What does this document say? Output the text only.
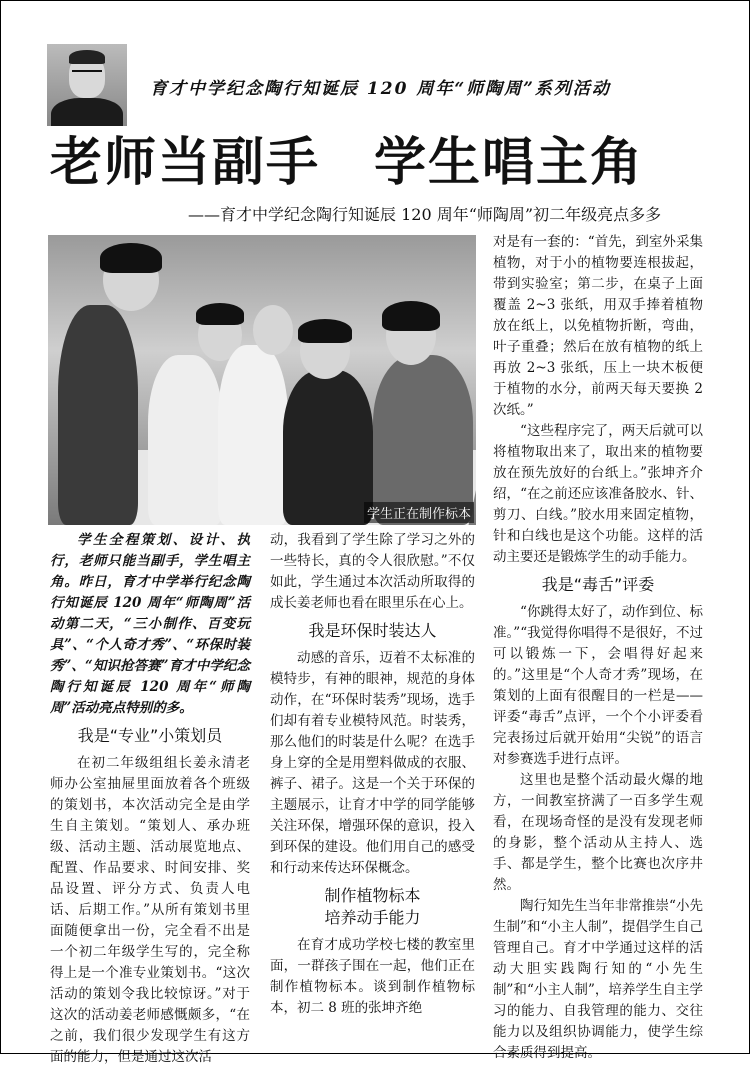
育才中学纪念陶行知诞辰 120 周年“师陶周”系列活动
老师当副手　学生唱主角
——育才中学纪念陶行知诞辰 120 周年“师陶周”初二年级亮点多多
学生正在制作标本

学生全程策划、设计、执行，老师只能当副手，学生唱主角。昨日，育才中学举行纪念陶行知诞辰 120 周年“师陶周”活动第二天，“三小制作、百变玩具”、“个人奇才秀”、“环保时装秀”、“知识抢答赛”育才中学纪念陶行知诞辰 120 周年“师陶周”活动亮点特别的多。

我是“专业”小策划员

在初二年级组组长姜永清老师办公室抽屉里面放着各个班级的策划书，本次活动完全是由学生自主策划。“策划人、承办班级、活动主题、活动展览地点、配置、作品要求、时间安排、奖品设置、评分方式、负责人电话、后期工作。”从所有策划书里面随便拿出一份，完全看不出是一个初二年级学生写的，完全称得上是一个准专业策划书。“这次活动的策划令我比较惊讶。”对于这次的活动姜老师感慨颇多，“在之前，我们很少发现学生有这方面的能力，但是通过这次活

动，我看到了学生除了学习之外的一些特长，真的令人很欣慰。”不仅如此，学生通过本次活动所取得的成长姜老师也看在眼里乐在心上。

我是环保时装达人

动感的音乐，迈着不太标准的模特步，有神的眼神，规范的身体动作，在“环保时装秀”现场，选手们却有着专业模特风范。时装秀，那么他们的时装是什么呢？在选手身上穿的全是用塑料做成的衣服、裤子、裙子。这是一个关于环保的主题展示，让育才中学的同学能够关注环保，增强环保的意识，投入到环保的建设。他们用自己的感受和行动来传达环保概念。

制作植物标本
培养动手能力

在育才成功学校七楼的教室里面，一群孩子围在一起，他们正在制作植物标本。谈到制作植物标本，初二 8 班的张坤齐绝

对是有一套的：“首先，到室外采集植物，对于小的植物要连根拔起，带到实验室；第二步，在桌子上面覆盖 2~3 张纸，用双手捧着植物放在纸上，以免植物折断，弯曲，叶子重叠；然后在放有植物的纸上再放 2~3 张纸，压上一块木板便于植物的水分，前两天每天要换 2 次纸。”

“这些程序完了，两天后就可以将植物取出来了，取出来的植物要放在预先放好的台纸上。”张坤齐介绍，“在之前还应该准备胶水、针、剪刀、白线。”胶水用来固定植物，针和白线也是这个功能。这样的活动主要还是锻炼学生的动手能力。

我是“毒舌”评委

“你跳得太好了，动作到位、标准。”“我觉得你唱得不是很好，不过可以锻炼一下，会唱得好起来的。”这里是“个人奇才秀”现场，在策划的上面有很醒目的一栏是——评委“毒舌”点评，一个个小评委看完表扬过后就开始用“尖锐”的语言对参赛选手进行点评。

这里也是整个活动最火爆的地方，一间教室挤满了一百多学生观看，在现场奇怪的是没有发现老师的身影，整个活动从主持人、选手、都是学生，整个比赛也次序井然。

陶行知先生当年非常推崇“小先生制”和“小主人制”，提倡学生自己管理自己。育才中学通过这样的活动大胆实践陶行知的“小先生制”和“小主人制”，培养学生自主学习的能力、自我管理的能力、交往能力以及组织协调能力，使学生综合素质得到提高。
